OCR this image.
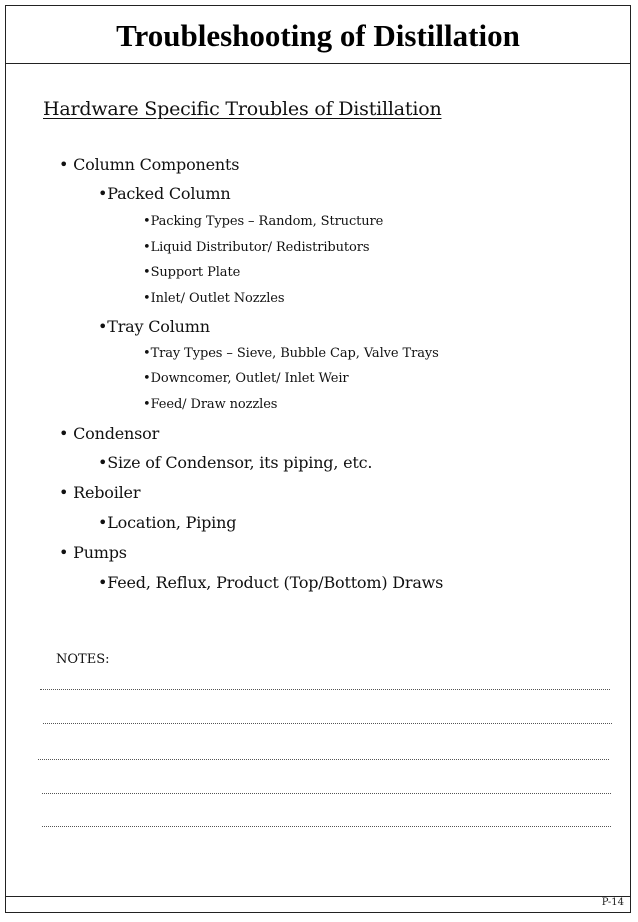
Troubleshooting of Distillation
P-14
Hardware Specific Troubles of Distillation
• Column Components
•Packed Column
•Packing Types – Random, Structure
•Liquid Distributor/ Redistributors
•Support Plate
•Inlet/ Outlet Nozzles
•Tray Column
•Tray Types – Sieve, Bubble Cap, Valve Trays
•Downcomer, Outlet/ Inlet Weir
•Feed/ Draw nozzles
• Condensor
•Size of Condensor, its piping, etc.
• Reboiler
•Location, Piping
• Pumps
•Feed, Reflux, Product (Top/Bottom) Draws
NOTES:
